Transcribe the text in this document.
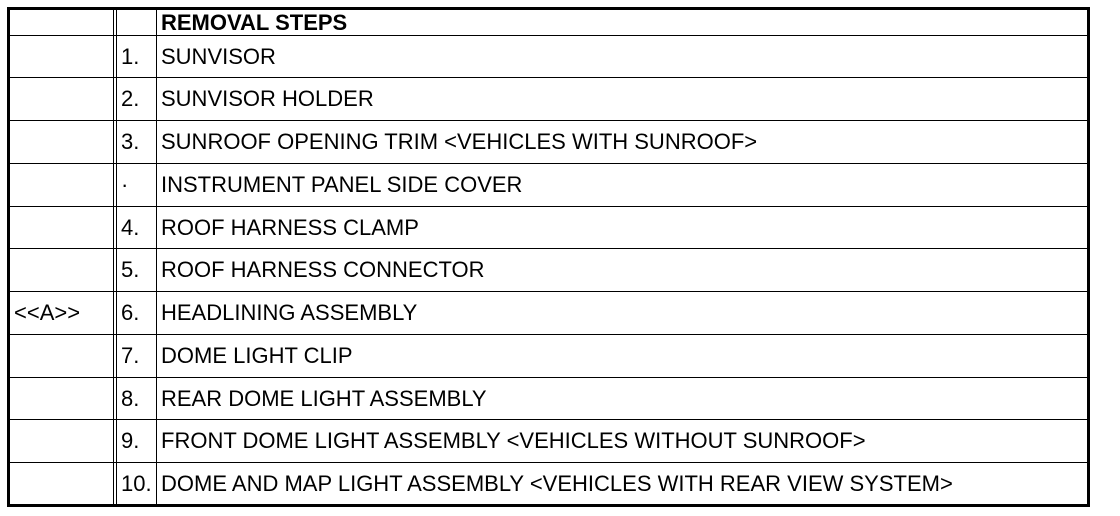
			REMOVAL STEPS
		1.	SUNVISOR
		2.	SUNVISOR HOLDER
		3.	SUNROOF OPENING TRIM <VEHICLES WITH SUNROOF>
		·	INSTRUMENT PANEL SIDE COVER
		4.	ROOF HARNESS CLAMP
		5.	ROOF HARNESS CONNECTOR
<<A>>		6.	HEADLINING ASSEMBLY
		7.	DOME LIGHT CLIP
		8.	REAR DOME LIGHT ASSEMBLY
		9.	FRONT DOME LIGHT ASSEMBLY <VEHICLES WITHOUT SUNROOF>
		10.	DOME AND MAP LIGHT ASSEMBLY <VEHICLES WITH REAR VIEW SYSTEM>
